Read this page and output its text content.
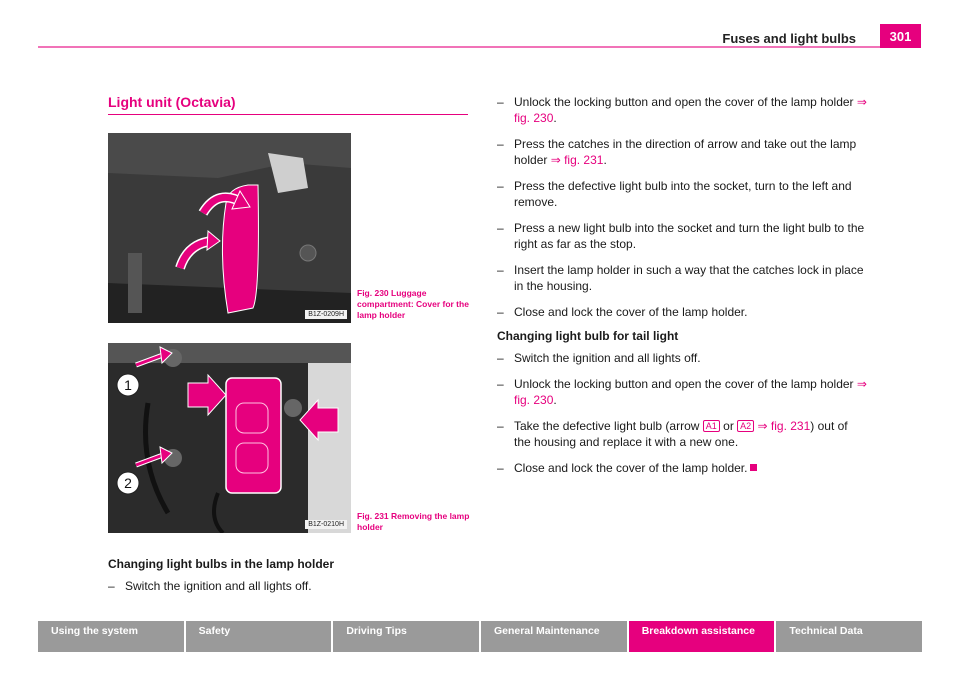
Fuses and light bulbs	301
Light unit (Octavia)
B1Z-0209H
Fig. 230 Luggage compartment: Cover for the lamp holder
1
2
B1Z-0210H
Fig. 231 Removing the lamp holder
Changing light bulbs in the lamp holder
– Switch the ignition and all lights off.
– Unlock the locking button and open the cover of the lamp holder ⇒ fig. 230.
– Press the catches in the direction of arrow and take out the lamp holder ⇒ fig. 231.
– Press the defective light bulb into the socket, turn to the left and remove.
– Press a new light bulb into the socket and turn the light bulb to the right as far as the stop.
– Insert the lamp holder in such a way that the catches lock in place in the housing.
– Close and lock the cover of the lamp holder.
Changing light bulb for tail light
– Switch the ignition and all lights off.
– Unlock the locking button and open the cover of the lamp holder ⇒ fig. 230.
– Take the defective light bulb (arrow A1 or A2 ⇒ fig. 231) out of the housing and replace it with a new one.
– Close and lock the cover of the lamp holder.
Using the system	Safety	Driving Tips	General Maintenance	Breakdown assistance	Technical Data
